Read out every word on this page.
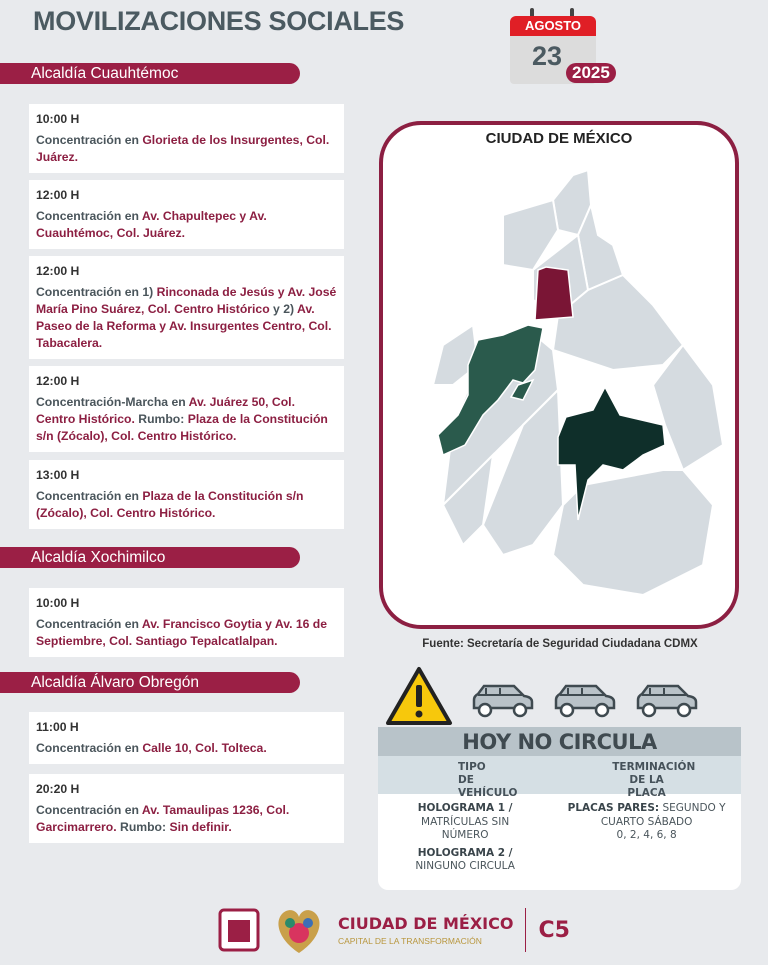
MOVILIZACIONES SOCIALES	AGOSTO
23
2025
Alcaldía Cuauhtémoc
10:00 H
Concentración en Glorieta de los Insurgentes, Col. Juárez.
12:00 H
Concentración en Av. Chapultepec y Av. Cuauhtémoc, Col. Juárez.
12:00 H
Concentración en 1) Rinconada de Jesús y Av. José María Pino Suárez, Col. Centro Histórico y 2) Av. Paseo de la Reforma y Av. Insurgentes Centro, Col. Tabacalera.
12:00 H
Concentración-Marcha en Av. Juárez 50, Col. Centro Histórico. Rumbo: Plaza de la Constitución s/n (Zócalo), Col. Centro Histórico.
13:00 H
Concentración en Plaza de la Constitución s/n (Zócalo), Col. Centro Histórico.
Alcaldía Xochimilco
10:00 H
Concentración en Av. Francisco Goytia y Av. 16 de Septiembre, Col. Santiago Tepalcatlalpan.
Alcaldía Álvaro Obregón
11:00 H
Concentración en Calle 10, Col. Tolteca.
20:20 H
Concentración en Av. Tamaulipas 1236, Col. Garcimarrero. Rumbo: Sin definir.
CIUDAD DE MÉXICO
Fuente: Secretaría de Seguridad Ciudadana CDMX
HOY NO CIRCULA
TIPO DE VEHÍCULO
TERMINACIÓN DE LA PLACA
HOLOGRAMA 1 /
MATRÍCULAS SIN NÚMERO
HOLOGRAMA 2 /
NINGUNO CIRCULA
PLACAS PARES: SEGUNDO Y CUARTO SÁBADO
0, 2, 4, 6, 8
CIUDAD DE MÉXICO
CAPITAL DE LA TRANSFORMACIÓN	C5
